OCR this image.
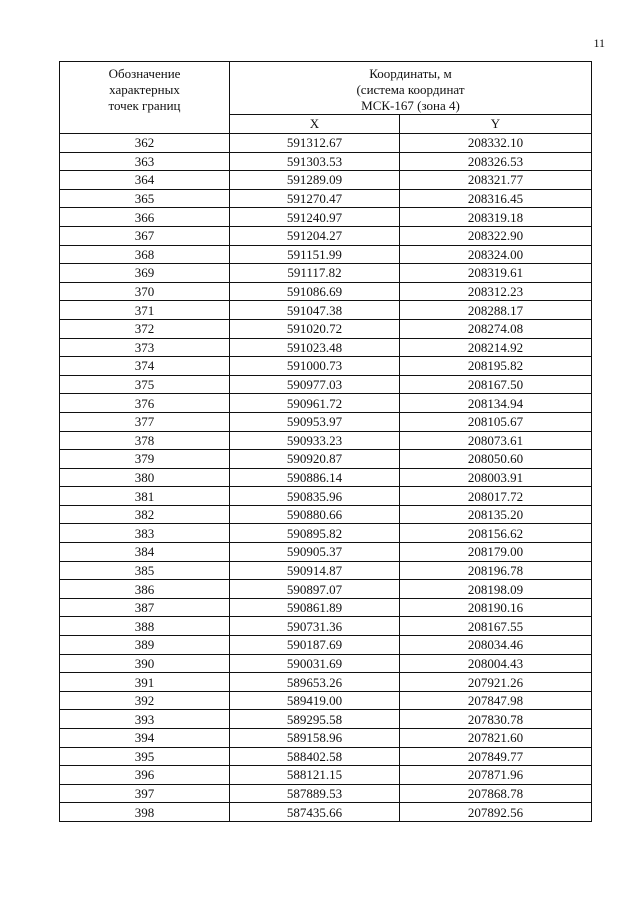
11
Обозначение
характерных
точек границ	Координаты, м
(система координат
МСК-167 (зона 4)	

	X	Y
362	591312.67	208332.10
363	591303.53	208326.53
364	591289.09	208321.77
365	591270.47	208316.45
366	591240.97	208319.18
367	591204.27	208322.90
368	591151.99	208324.00
369	591117.82	208319.61
370	591086.69	208312.23
371	591047.38	208288.17
372	591020.72	208274.08
373	591023.48	208214.92
374	591000.73	208195.82
375	590977.03	208167.50
376	590961.72	208134.94
377	590953.97	208105.67
378	590933.23	208073.61
379	590920.87	208050.60
380	590886.14	208003.91
381	590835.96	208017.72
382	590880.66	208135.20
383	590895.82	208156.62
384	590905.37	208179.00
385	590914.87	208196.78
386	590897.07	208198.09
387	590861.89	208190.16
388	590731.36	208167.55
389	590187.69	208034.46
390	590031.69	208004.43
391	589653.26	207921.26
392	589419.00	207847.98
393	589295.58	207830.78
394	589158.96	207821.60
395	588402.58	207849.77
396	588121.15	207871.96
397	587889.53	207868.78
398	587435.66	207892.56
